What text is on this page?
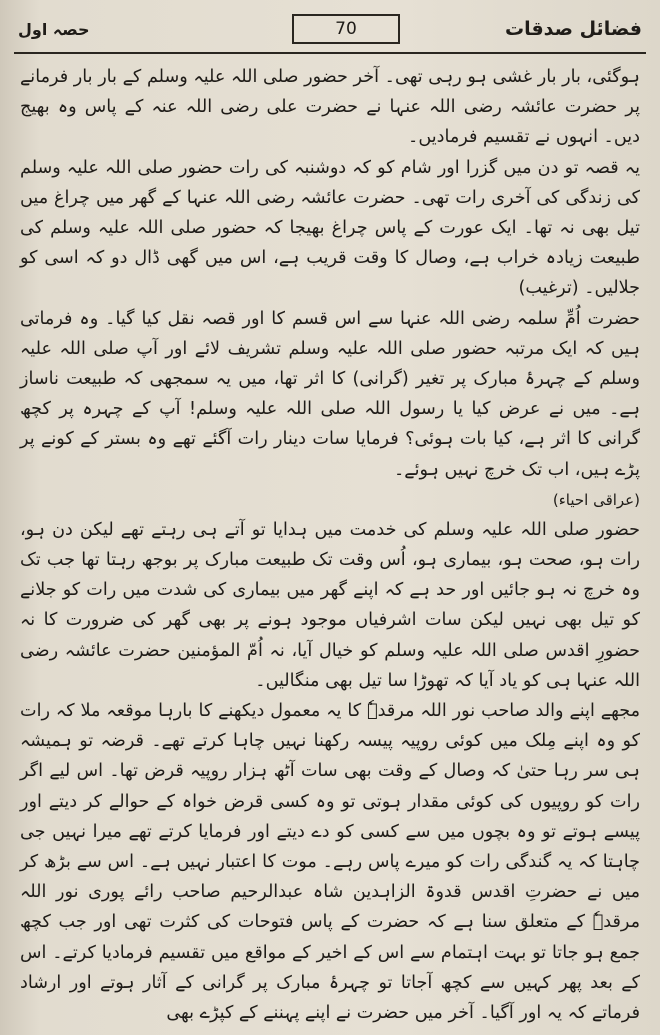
فضائل صدقات
70
حصہ اول

ہوگئی، بار بار غشی ہو رہی تھی۔ آخر حضور صلی اللہ علیہ وسلم کے بار بار فرمانے پر حضرت عائشہ رضی اللہ عنہا نے حضرت علی رضی اللہ عنہ کے پاس وہ بھیج دیں۔ انہوں نے تقسیم فرمادیں۔

یہ قصہ تو دن میں گزرا اور شام کو کہ دوشنبہ کی رات حضور صلی اللہ علیہ وسلم کی زندگی کی آخری رات تھی۔ حضرت عائشہ رضی اللہ عنہا کے گھر میں چراغ میں تیل بھی نہ تھا۔ ایک عورت کے پاس چراغ بھیجا کہ حضور صلی اللہ علیہ وسلم کی طبیعت زیادہ خراب ہے، وصال کا وقت قریب ہے، اس میں گھی ڈال دو کہ اسی کو جلالیں۔ (ترغیب)

حضرت اُمِّ سلمہ رضی اللہ عنہا سے اس قسم کا اور قصہ نقل کیا گیا۔ وہ فرماتی ہیں کہ ایک مرتبہ حضور صلی اللہ علیہ وسلم تشریف لائے اور آپ صلی اللہ علیہ وسلم کے چہرۂ مبارک پر تغیر (گرانی) کا اثر تھا، میں یہ سمجھی کہ طبیعت ناساز ہے۔ میں نے عرض کیا یا رسول اللہ صلی اللہ علیہ وسلم! آپ کے چہرہ پر کچھ گرانی کا اثر ہے، کیا بات ہوئی؟ فرمایا سات دینار رات آگئے تھے وہ بستر کے کونے پر پڑے ہیں، اب تک خرچ نہیں ہوئے۔

(عراقی احیاء)

حضور صلی اللہ علیہ وسلم کی خدمت میں ہدایا تو آتے ہی رہتے تھے لیکن دن ہو، رات ہو، صحت ہو، بیماری ہو، اُس وقت تک طبیعت مبارک پر بوجھ رہتا تھا جب تک وہ خرچ نہ ہو جائیں اور حد ہے کہ اپنے گھر میں بیماری کی شدت میں رات کو جلانے کو تیل بھی نہیں لیکن سات اشرفیاں موجود ہونے پر بھی گھر کی ضرورت کا نہ حضورِ اقدس صلی اللہ علیہ وسلم کو خیال آیا، نہ اُمّ المؤمنین حضرت عائشہ رضی اللہ عنہا ہی کو یاد آیا کہ تھوڑا سا تیل بھی منگالیں۔

مجھے اپنے والد صاحب نور اللہ مرقدہٗ کا یہ معمول دیکھنے کا بارہا موقعہ ملا کہ رات کو وہ اپنے مِلک میں کوئی روپیہ پیسہ رکھنا نہیں چاہا کرتے تھے۔ قرضہ تو ہمیشہ ہی سر رہا حتیٰ کہ وصال کے وقت بھی سات آٹھ ہزار روپیہ قرض تھا۔ اس لیے اگر رات کو روپیوں کی کوئی مقدار ہوتی تو وہ کسی قرض خواہ کے حوالے کر دیتے اور پیسے ہوتے تو وہ بچوں میں سے کسی کو دے دیتے اور فرمایا کرتے تھے میرا نہیں جی چاہتا کہ یہ گندگی رات کو میرے پاس رہے۔ موت کا اعتبار نہیں ہے۔ اس سے بڑھ کر میں نے حضرتِ اقدس قدوۃ الزاہدین شاہ عبدالرحیم صاحب رائے پوری نور اللہ مرقدہٗ کے متعلق سنا ہے کہ حضرت کے پاس فتوحات کی کثرت تھی اور جب کچھ جمع ہو جاتا تو بہت اہتمام سے اس کے اخیر کے مواقع میں تقسیم فرمادیا کرتے۔ اس کے بعد پھر کہیں سے کچھ آجاتا تو چہرۂ مبارک پر گرانی کے آثار ہوتے اور ارشاد فرماتے کہ یہ اور آگیا۔ آخر میں حضرت نے اپنے پہننے کے کپڑے بھی
